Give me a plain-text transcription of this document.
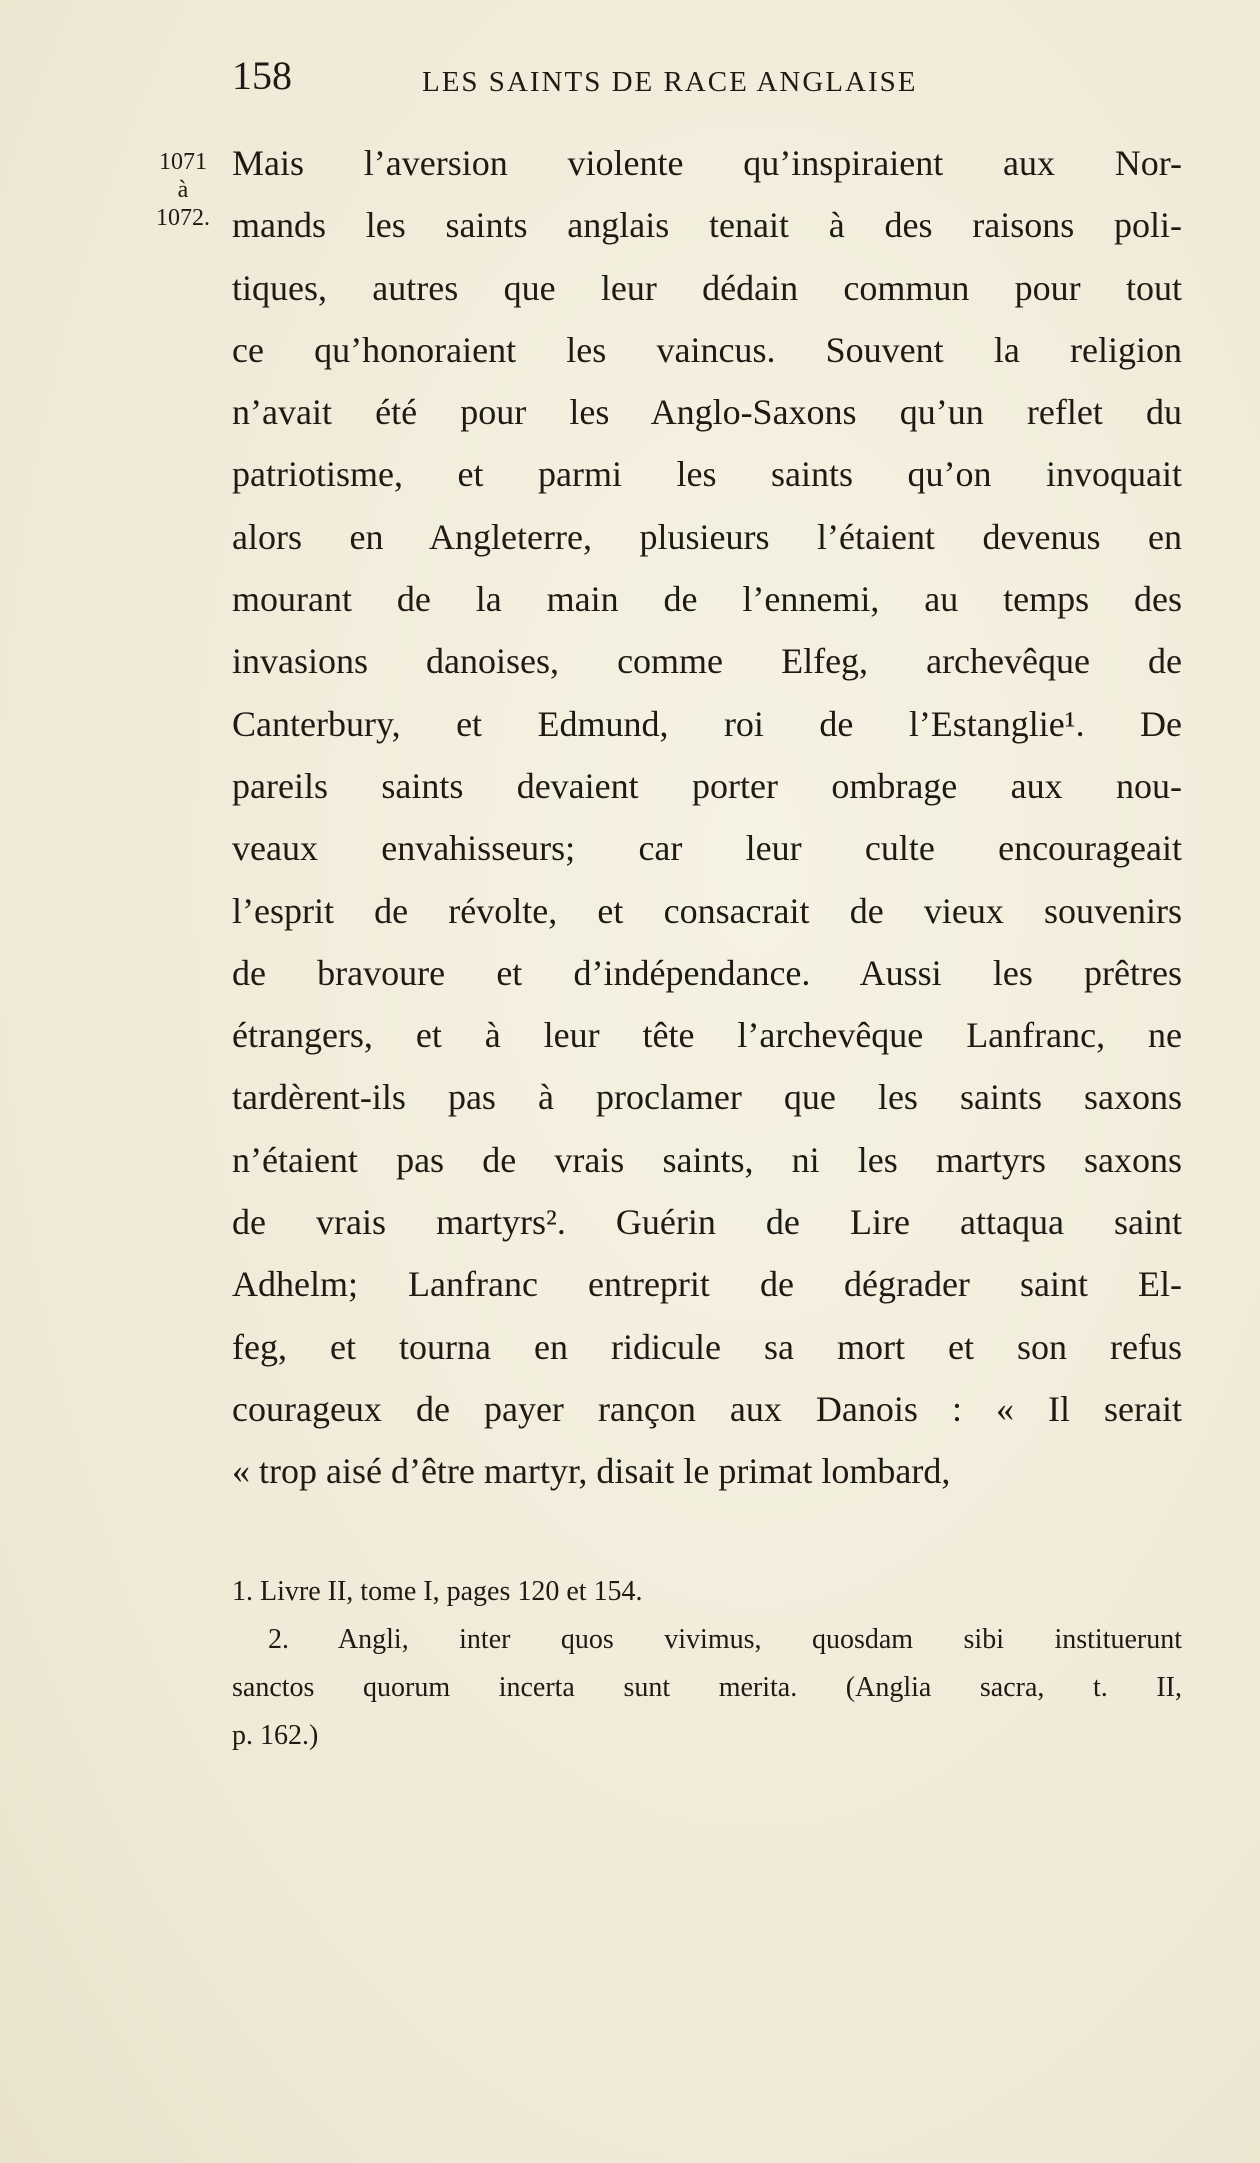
158	LES SAINTS DE RACE ANGLAISE
1071
à
1072.
Mais l’aversion violente qu’inspiraient aux Nor-
mands les saints anglais tenait à des raisons poli-
tiques, autres que leur dédain commun pour tout
ce qu’honoraient les vaincus. Souvent la religion
n’avait été pour les Anglo-Saxons qu’un reflet du
patriotisme, et parmi les saints qu’on invoquait
alors en Angleterre, plusieurs l’étaient devenus en
mourant de la main de l’ennemi, au temps des
invasions danoises, comme Elfeg, archevêque de
Canterbury, et Edmund, roi de l’Estanglie¹. De
pareils saints devaient porter ombrage aux nou-
veaux envahisseurs; car leur culte encourageait
l’esprit de révolte, et consacrait de vieux souvenirs
de bravoure et d’indépendance. Aussi les prêtres
étrangers, et à leur tête l’archevêque Lanfranc, ne
tardèrent-ils pas à proclamer que les saints saxons
n’étaient pas de vrais saints, ni les martyrs saxons
de vrais martyrs². Guérin de Lire attaqua saint
Adhelm; Lanfranc entreprit de dégrader saint El-
feg, et tourna en ridicule sa mort et son refus
courageux de payer rançon aux Danois : « Il serait
« trop aisé d’être martyr, disait le primat lombard,
1. Livre II, tome I, pages 120 et 154.
2. Angli, inter quos vivimus, quosdam sibi instituerunt
sanctos quorum incerta sunt merita. (Anglia sacra, t. II,
p. 162.)
